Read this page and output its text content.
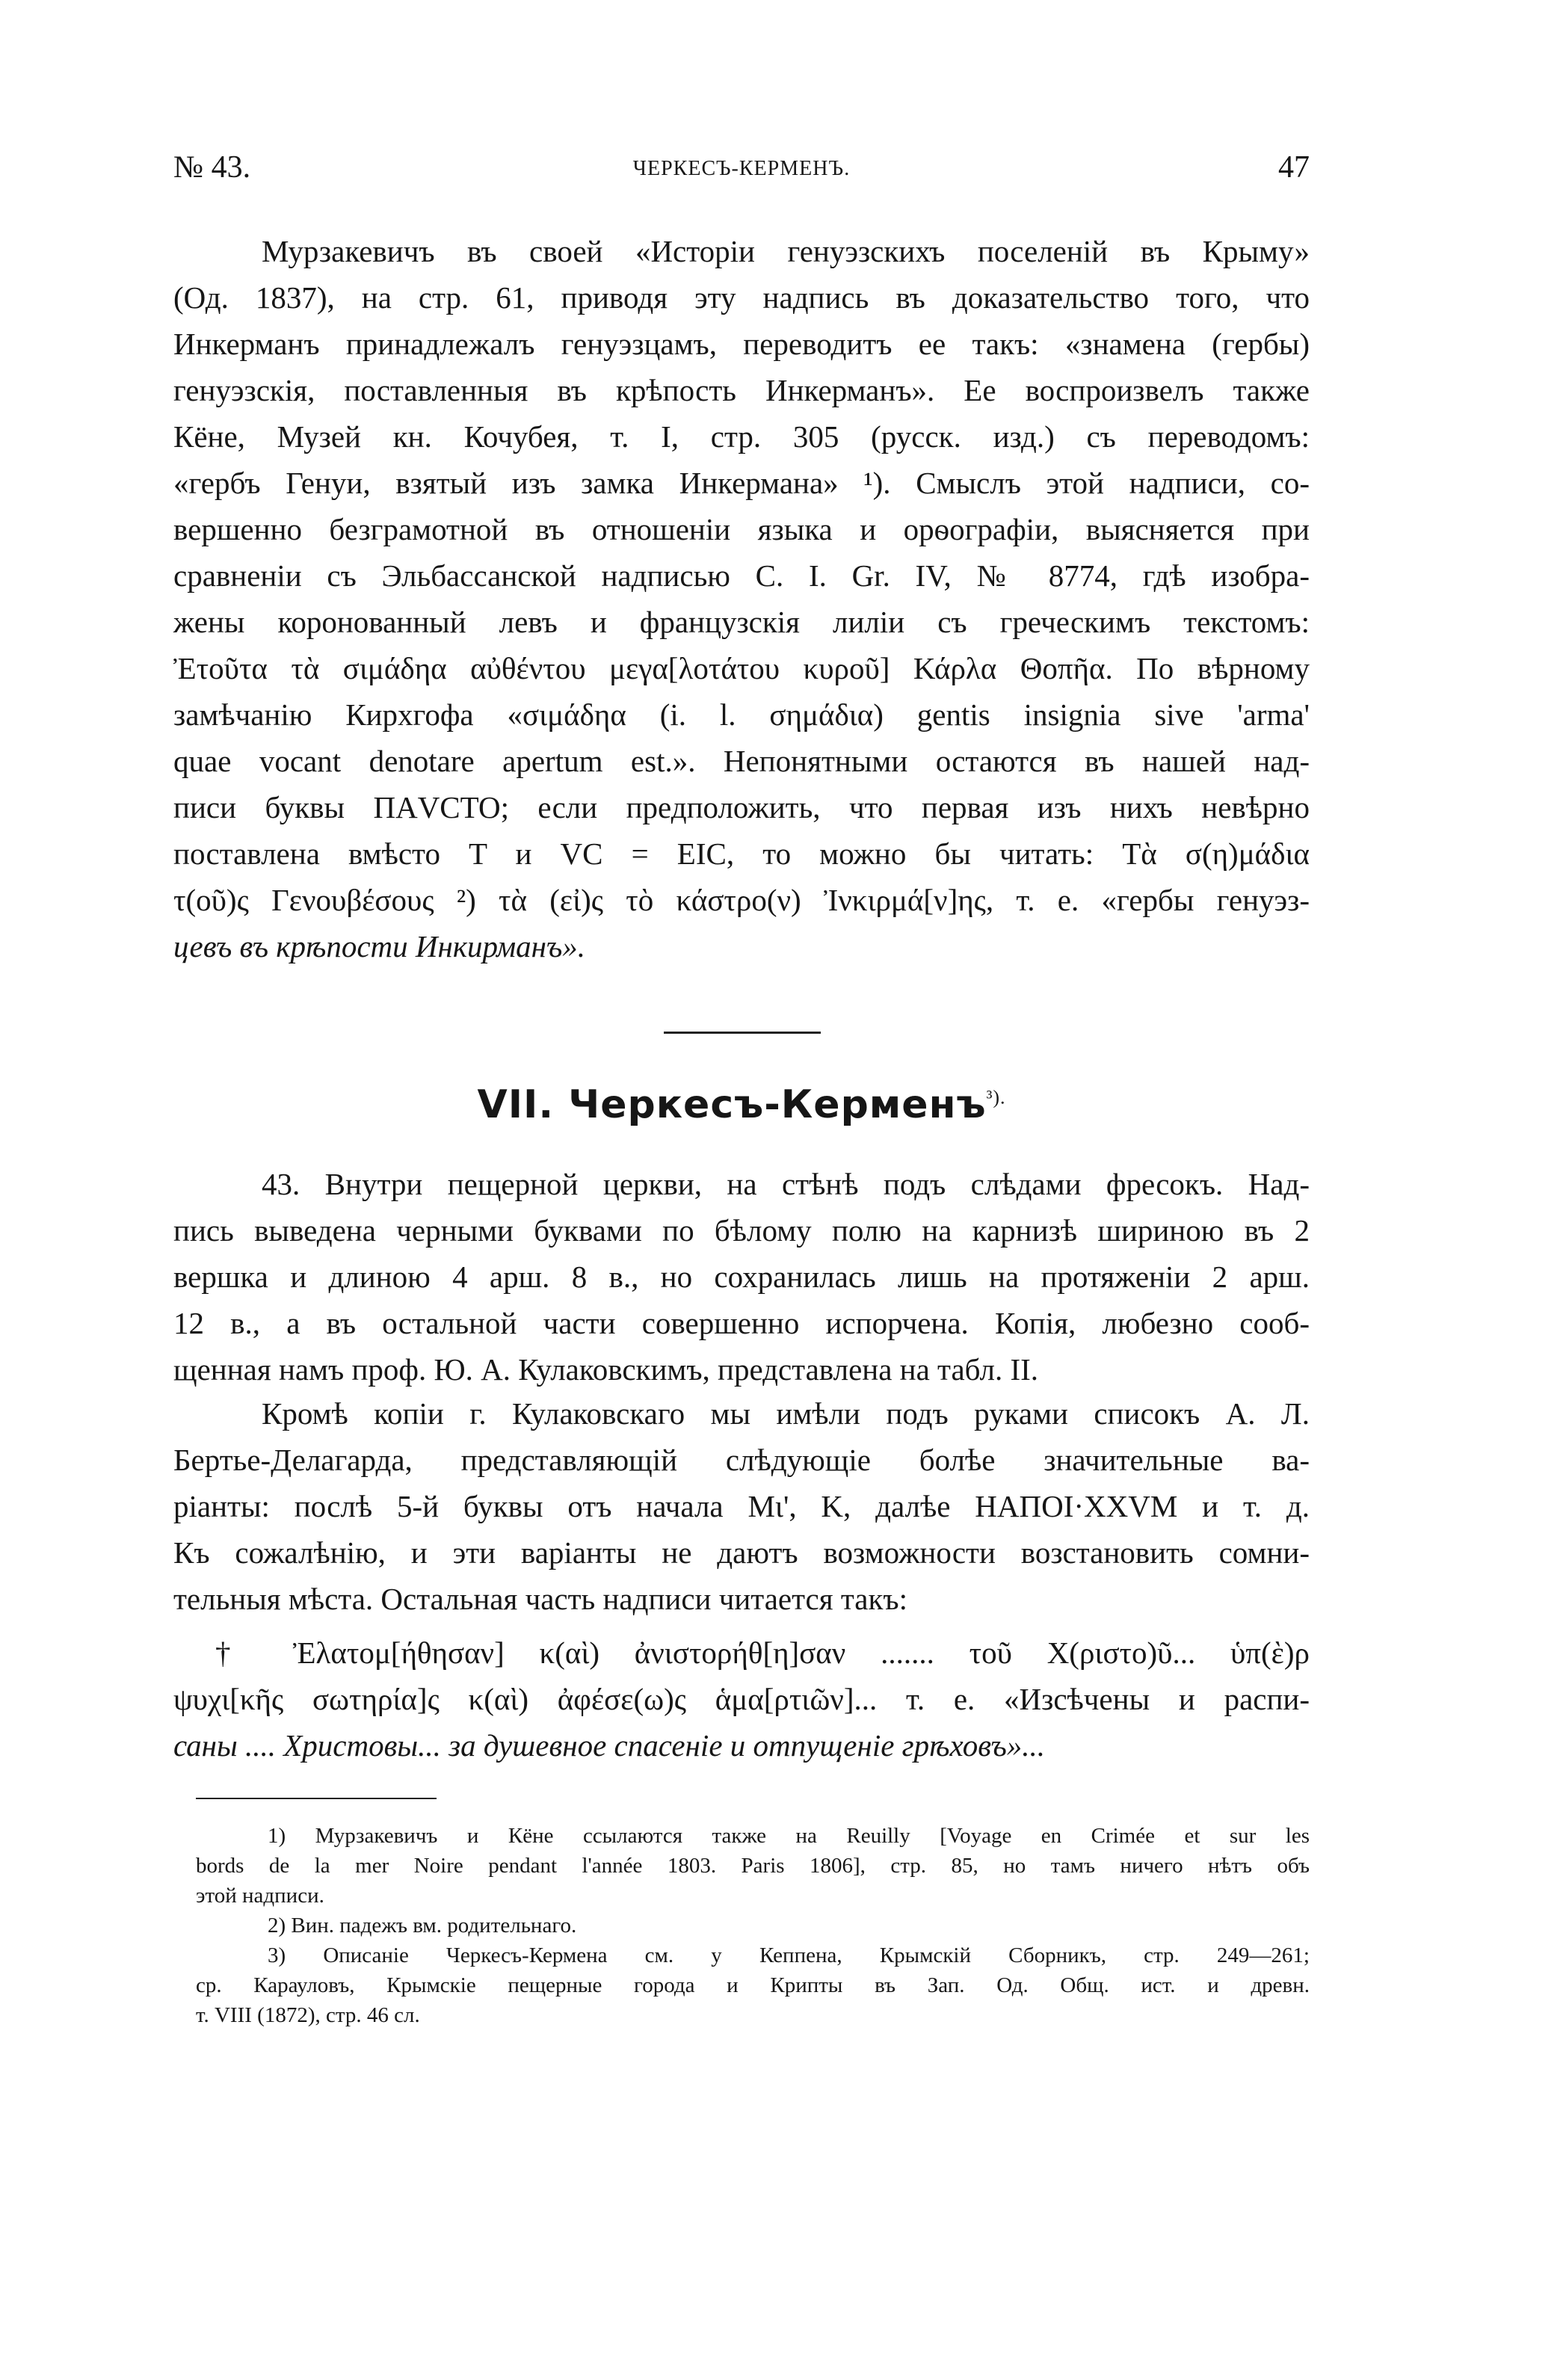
№ 43.	ЧЕРКЕСЪ-КЕРМЕНЪ.	47
Мурзакевичъ въ своей «Исторіи генуэзскихъ поселеній въ Крыму»
(Од. 1837), на стр. 61, приводя эту надпись въ доказательство того, что
Инкерманъ принадлежалъ генуэзцамъ, переводитъ ее такъ: «знамена (гербы)
генуэзскія, поставленныя въ крѣпость Инкерманъ». Ее воспроизвелъ также
Кёне, Музей кн. Кочубея, т. I, стр. 305 (русск. изд.) съ переводомъ:
«гербъ Генуи, взятый изъ замка Инкермана» ¹). Смыслъ этой надписи, со-
вершенно безграмотной въ отношеніи языка и орѳографіи, выясняется при
сравненіи съ Эльбассанской надписью C. I. Gr. IV, № 8774, гдѣ изобра-
жены коронованный левъ и французскія лиліи съ греческимъ текстомъ:
Ἐτοῦτα τὰ σιμάδηα αὐθέντου μεγα[λοτάτου κυροῦ] Κάρλα Θοπῆα. По вѣрному
замѣчанію Кирхгофа «σιμάδηα (i. l. σημάδια) gentis insignia sive 'arma'
quae vocant denotare apertum est.». Непонятными остаются въ нашей над-
писи буквы ΠΑVCTO; если предположить, что первая изъ нихъ невѣрно
поставлена вмѣсто T и VC = EIC, то можно бы читать: Τὰ σ(η)μάδια
τ(οῦ)ς Γενουβέσους ²) τὰ (εἰ)ς τὸ κάστρο(ν) Ἰνκιρμά[ν]ης, т. е. «гербы генуэз-
цевъ въ крѣпости Инкирманъ».
VII. Черкесъ-Керменъ$^{^3).}$
43. Внутри пещерной церкви, на стѣнѣ подъ слѣдами фресокъ. Над-
пись выведена черными буквами по бѣлому полю на карнизѣ шириною въ 2
вершка и длиною 4 арш. 8 в., но сохранилась лишь на протяженіи 2 арш.
12 в., а въ остальной части совершенно испорчена. Копія, любезно сооб-
щенная намъ проф. Ю. А. Кулаковскимъ, представлена на табл. II.
Кромѣ копіи г. Кулаковскаго мы имѣли подъ руками списокъ А. Л.
Бертье-Делагарда, представляющій слѣдующіе болѣе значительные ва-
ріанты: послѣ 5-й буквы отъ начала Μι', Κ, далѣе ΗΑΠΟΙ·ΧΧVΜ и т. д.
Къ сожалѣнію, и эти варіанты не даютъ возможности возстановить сомни-
тельныя мѣста. Остальная часть надписи читается такъ:
† Ἐλατομ[ήθησαν] κ(αὶ) ἀνιστορήθ[η]σαν ....... τοῦ Χ(ριστο)ῦ... ὑπ(ὲ)ρ
ψυχι[κῆς σωτηρία]ς κ(αὶ) ἀφέσε(ω)ς ἁμα[ρτιῶν]... т. е. «Изсѣчены и распи-
саны .... Христовы... за душевное спасеніе и отпущеніе грѣховъ»...
1) Мурзакевичъ и Кёне ссылаются также на Reuilly [Voyage en Crimée et sur les
bords de la mer Noire pendant l'année 1803. Paris 1806], стр. 85, но тамъ ничего нѣтъ объ
этой надписи.
2) Вин. падежъ вм. родительнаго.
3) Описаніе Черкесъ-Кермена см. у Кеппена, Крымскій Сборникъ, стр. 249—261;
ср. Карауловъ, Крымскіе пещерные города и Крипты въ Зап. Од. Общ. ист. и древн.
т. VIII (1872), стр. 46 сл.
